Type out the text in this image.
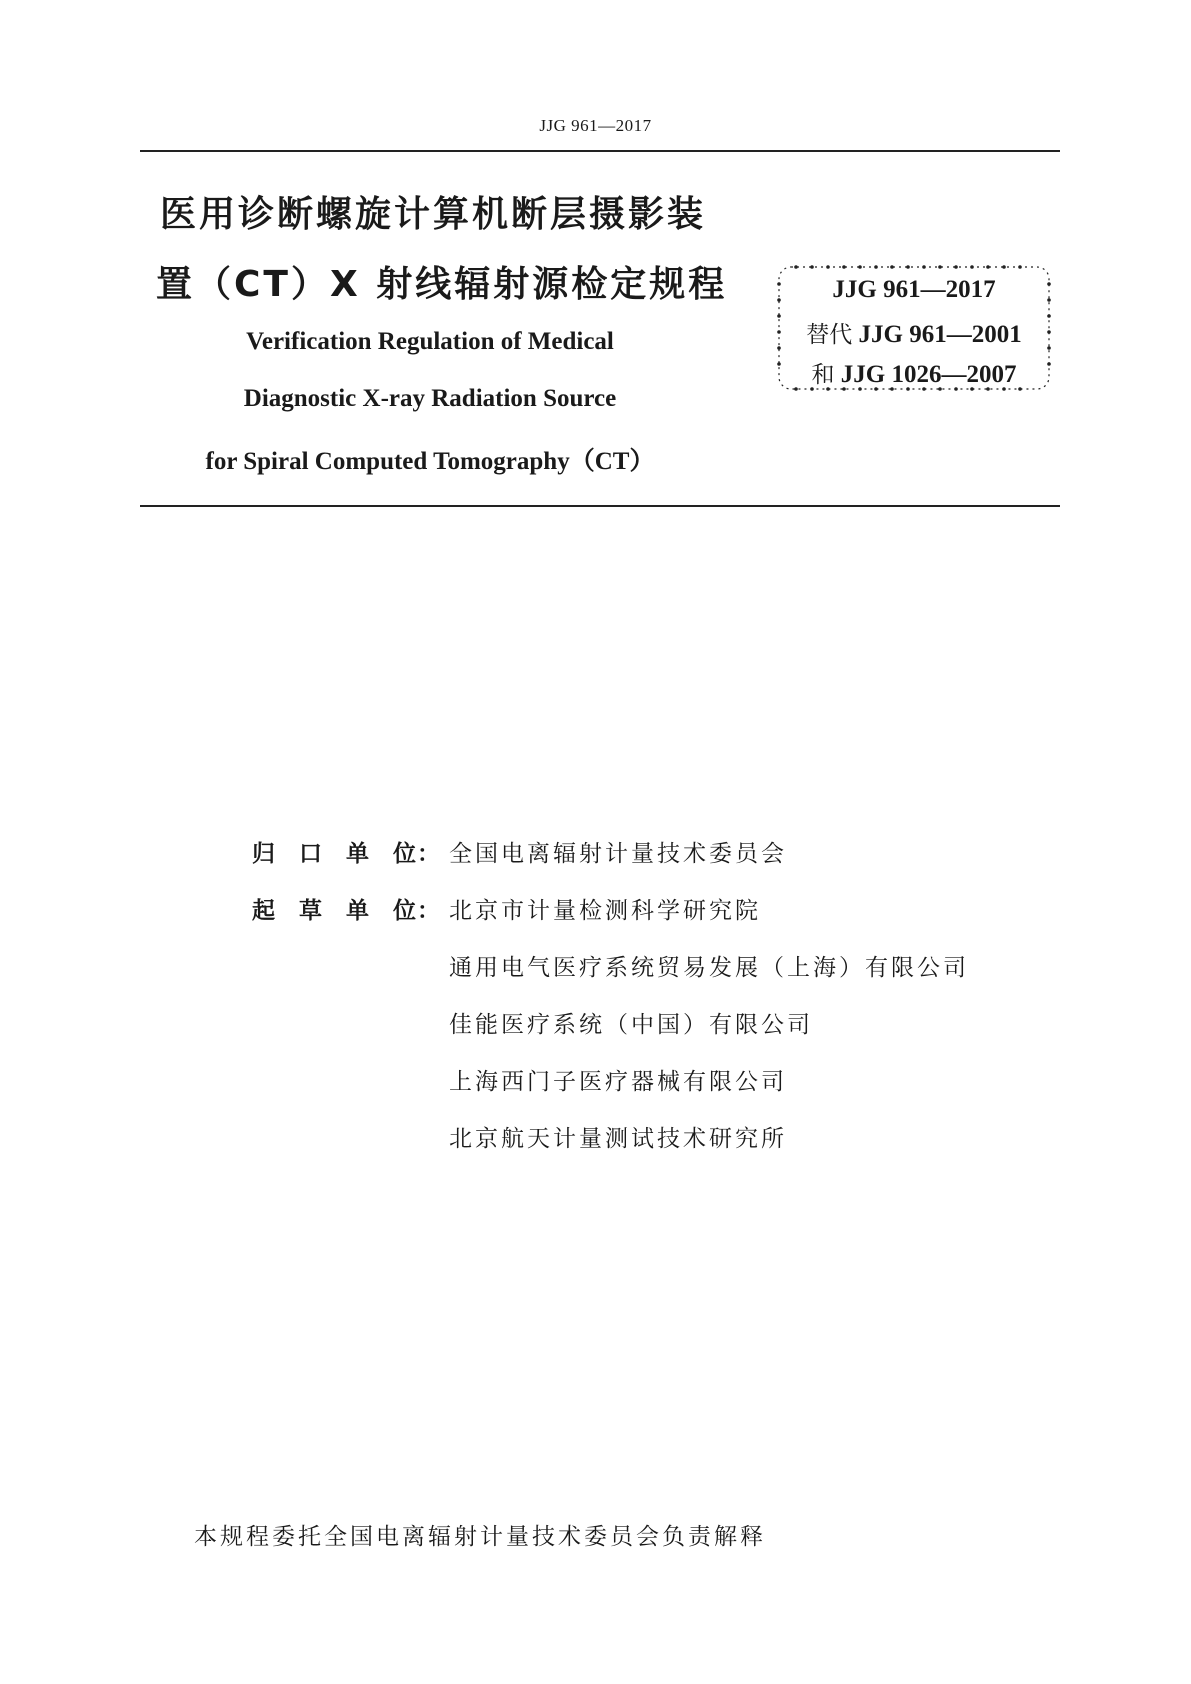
JJG 961—2017
医用诊断螺旋计算机断层摄影装
置（CT）X 射线辐射源检定规程
Verification Regulation of Medical
Diagnostic X-ray Radiation Source
for Spiral Computed Tomography（CT）
JJG 961—2017
替代 JJG 961—2001
和 JJG 1026—2007
归 口 单 位： 全国电离辐射计量技术委员会
起 草 单 位： 北京市计量检测科学研究院
通用电气医疗系统贸易发展（上海）有限公司
佳能医疗系统（中国）有限公司
上海西门子医疗器械有限公司
北京航天计量测试技术研究所
本规程委托全国电离辐射计量技术委员会负责解释
